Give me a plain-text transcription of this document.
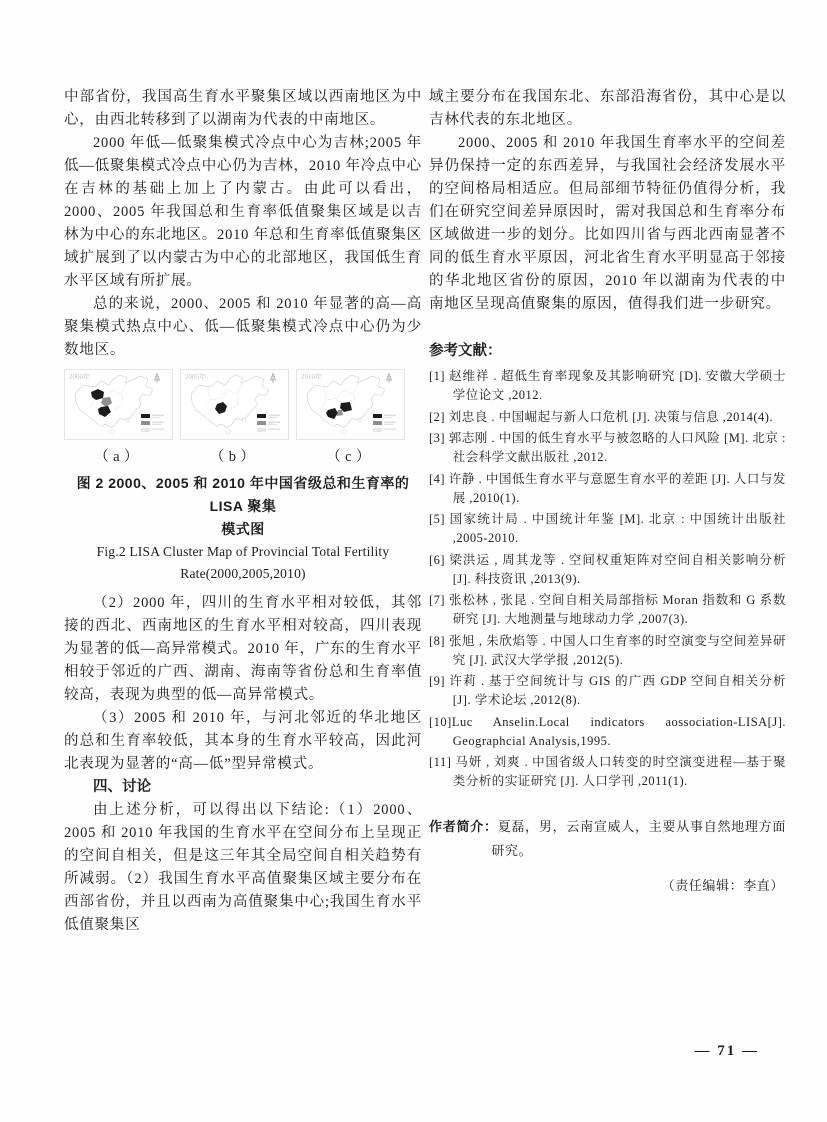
中部省份，我国高生育水平聚集区域以西南地区为中心，由西北转移到了以湖南为代表的中南地区。

2000 年低—低聚集模式冷点中心为吉林;2005 年低—低聚集模式冷点中心仍为吉林，2010 年冷点中心在吉林的基础上加上了内蒙古。由此可以看出，2000、2005 年我国总和生育率低值聚集区域是以吉林为中心的东北地区。2010 年总和生育率低值聚集区域扩展到了以内蒙古为中心的北部地区，我国低生育水平区域有所扩展。

总的来说，2000、2005 和 2010 年显著的高—高聚集模式热点中心、低—低聚集模式冷点中心仍为少数地区。

2000年	2005年	2010年
（a）	（b）	（c）
图 2 2000、2005 和 2010 年中国省级总和生育率的 LISA 聚集
模式图
Fig.2 LISA Cluster Map of Provincial Total Fertility
Rate(2000,2005,2010)

（2）2000 年，四川的生育水平相对较低，其邻接的西北、西南地区的生育水平相对较高，四川表现为显著的低—高异常模式。2010 年，广东的生育水平相较于邻近的广西、湖南、海南等省份总和生育率值较高，表现为典型的低—高异常模式。

（3）2005 和 2010 年，与河北邻近的华北地区的总和生育率较低，其本身的生育水平较高，因此河北表现为显著的“高—低”型异常模式。

四、讨论

由上述分析，可以得出以下结论:（1）2000、2005 和 2010 年我国的生育水平在空间分布上呈现正的空间自相关，但是这三年其全局空间自相关趋势有所减弱。（2）我国生育水平高值聚集区域主要分布在西部省份，并且以西南为高值聚集中心;我国生育水平低值聚集区

域主要分布在我国东北、东部沿海省份，其中心是以吉林代表的东北地区。

2000、2005 和 2010 年我国生育率水平的空间差异仍保持一定的东西差异，与我国社会经济发展水平的空间格局相适应。但局部细节特征仍值得分析，我们在研究空间差异原因时，需对我国总和生育率分布区域做进一步的划分。比如四川省与西北西南显著不同的低生育水平原因，河北省生育水平明显高于邻接的华北地区省份的原因，2010 年以湖南为代表的中南地区呈现高值聚集的原因，值得我们进一步研究。

参考文献：
[1] 赵维祥 . 超低生育率现象及其影响研究 [D]. 安徽大学硕士学位论文 ,2012.
[2] 刘忠良 . 中国崛起与新人口危机 [J]. 决策与信息 ,2014(4).
[3] 郭志刚 . 中国的低生育水平与被忽略的人口风险 [M]. 北京 : 社会科学文献出版社 ,2012.
[4] 许静 . 中国低生育水平与意愿生育水平的差距 [J]. 人口与发展 ,2010(1).
[5] 国家统计局 . 中国统计年鉴 [M]. 北京 : 中国统计出版社 ,2005-2010.
[6] 梁洪运 , 周其龙等 . 空间权重矩阵对空间自相关影响分析 [J]. 科技资讯 ,2013(9).
[7] 张松林 , 张昆 . 空间自相关局部指标 Moran 指数和 G 系数研究 [J]. 大地测量与地球动力学 ,2007(3).
[8] 张旭 , 朱欣焰等 . 中国人口生育率的时空演变与空间差异研究 [J]. 武汉大学学报 ,2012(5).
[9] 许莉 . 基于空间统计与 GIS 的广西 GDP 空间自相关分析 [J]. 学术论坛 ,2012(8).
[10]Luc Anselin.Local indicators aossociation-LISA[J]. Geographcial Analysis,1995.
[11] 马妍 , 刘爽 . 中国省级人口转变的时空演变进程—基于聚类分析的实证研究 [J]. 人口学刊 ,2011(1).
作者简介：夏磊，男，云南宣威人，主要从事自然地理方面研究。
（责任编辑：李直）
— 71 —
